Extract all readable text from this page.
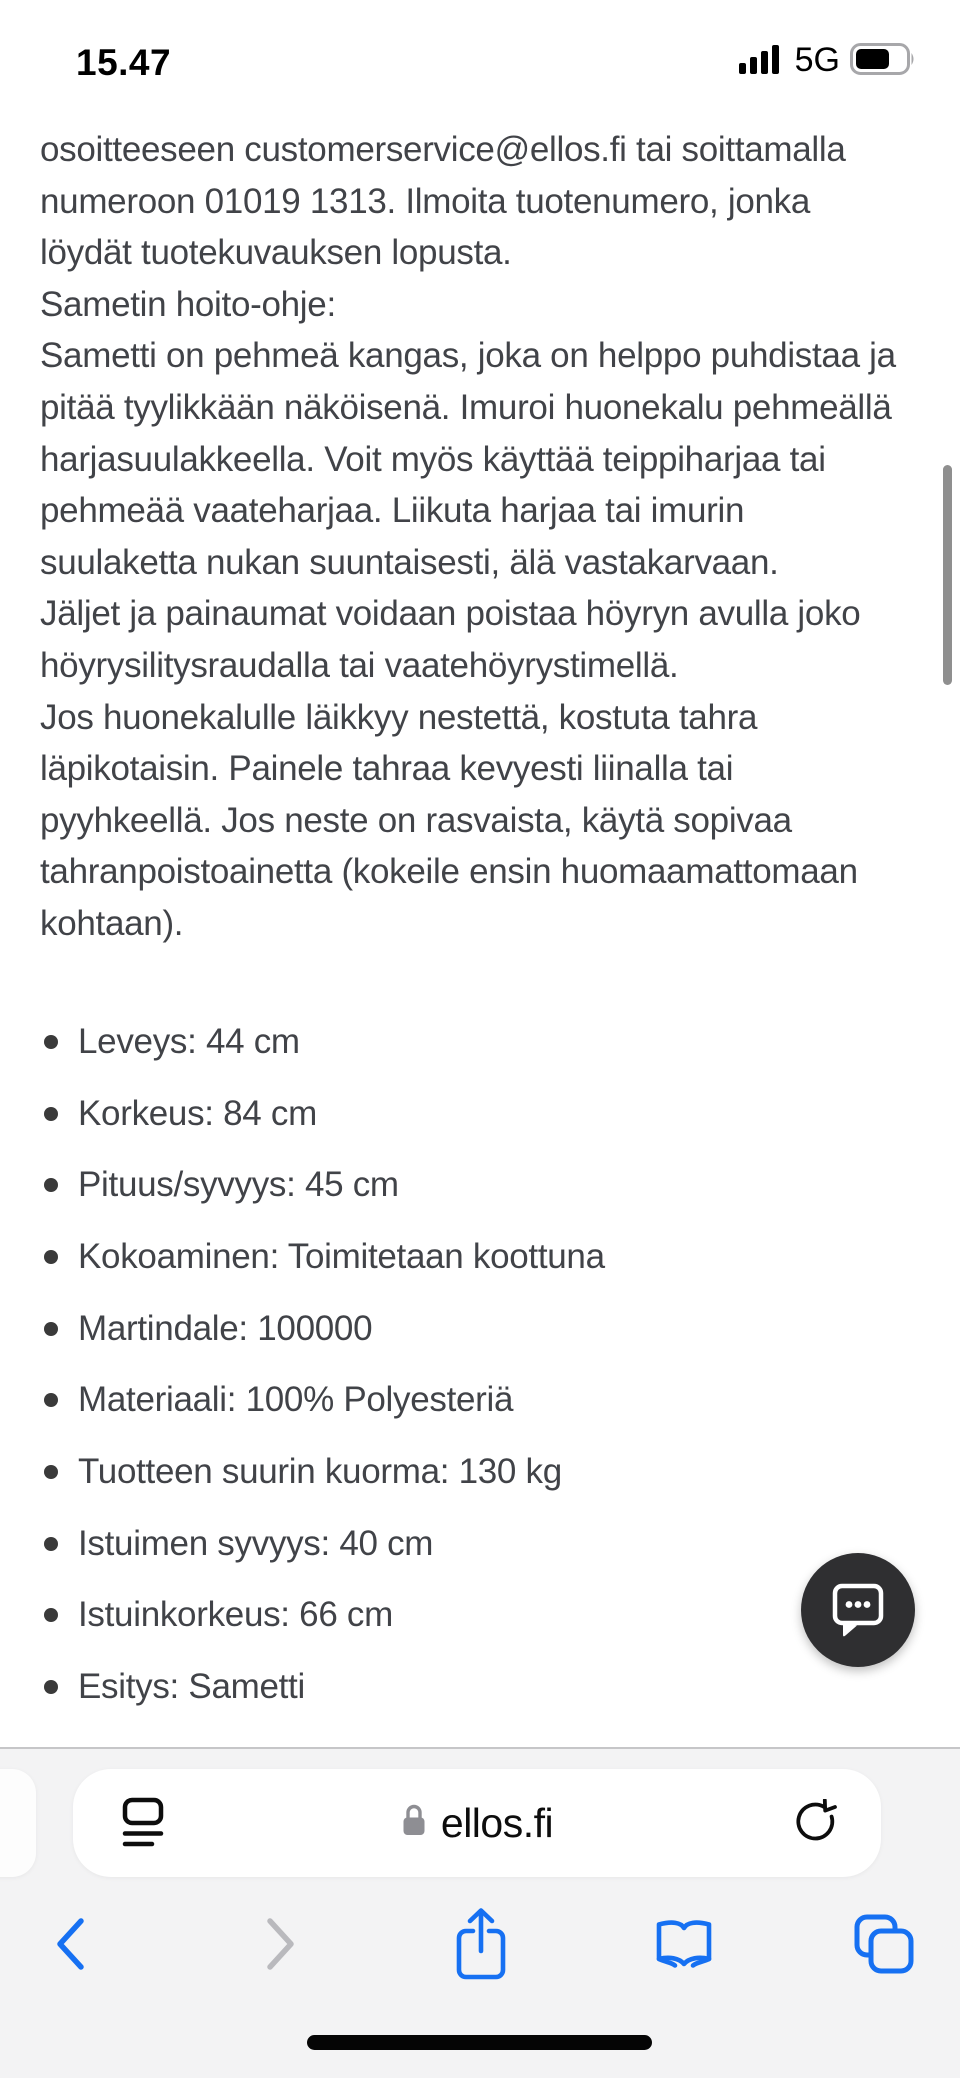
15.47	5G
osoitteeseen customerservice@ellos.fi tai soittamalla
numeroon 01019 1313. Ilmoita tuotenumero, jonka
löydät tuotekuvauksen lopusta.
Sametin hoito-ohje:
Sametti on pehmeä kangas, joka on helppo puhdistaa ja
pitää tyylikkään näköisenä. Imuroi huonekalu pehmeällä
harjasuulakkeella. Voit myös käyttää teippiharjaa tai
pehmeää vaateharjaa. Liikuta harjaa tai imurin
suulaketta nukan suuntaisesti, älä vastakarvaan.
Jäljet ja painaumat voidaan poistaa höyryn avulla joko
höyrysilitysraudalla tai vaatehöyrystimellä.
Jos huonekalulle läikkyy nestettä, kostuta tahra
läpikotaisin. Painele tahraa kevyesti liinalla tai
pyyhkeellä. Jos neste on rasvaista, käytä sopivaa
tahranpoistoainetta (kokeile ensin huomaamattomaan
kohtaan).
Leveys: 44 cm
Korkeus: 84 cm
Pituus/syvyys: 45 cm
Kokoaminen: Toimitetaan koottuna
Martindale: 100000
Materiaali: 100% Polyesteriä
Tuotteen suurin kuorma: 130 kg
Istuimen syvyys: 40 cm
Istuinkorkeus: 66 cm
Esitys: Sametti
ellos.fi
